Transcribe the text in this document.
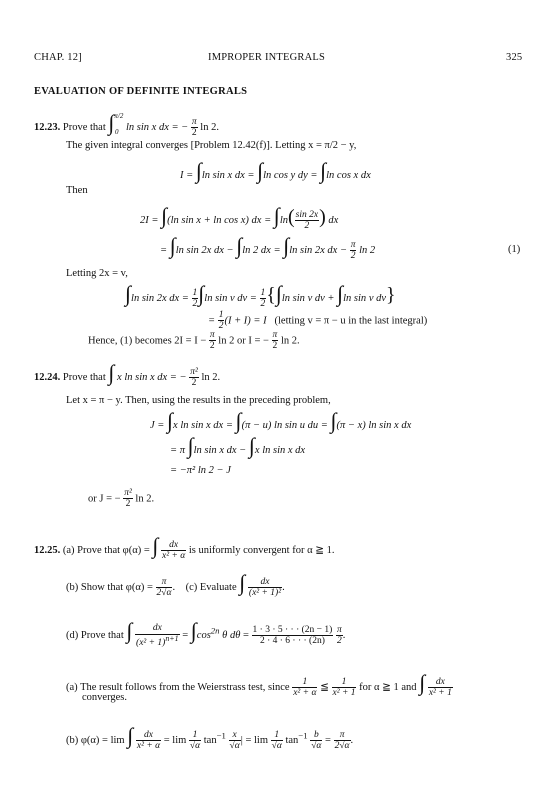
CHAP. 12]	IMPROPER INTEGRALS	325
EVALUATION OF DEFINITE INTEGRALS
12.23. Prove that ∫$^{\pi/2}$ ln sin x dx = − $\frac{\pi}{2}$ ln 2.
0
The given integral converges [Problem 12.42(f)]. Letting x = π/2 − y,
I = ∫ln sin x dx = ∫ln cos y dy = ∫ln cos x dx
Then
2I = ∫(ln sin x + ln cos x) dx = $\int\ln( \frac{\sin 2x}{2}$ ) dx
= ∫ln sin 2x dx − ∫ln 2 dx = ∫ln sin 2x dx − $\frac{\pi}{2}$ ln 2	(1)
Letting 2x = v,
∫ln sin 2x dx = $\frac{1}{2} \int\ln$ sin v dv = $\frac{1}{2} \{\int\ln$ sin v dv + ∫ln sin v dv}
= $\frac{1}{2} (I + I) = I$ (letting v = π − u in the last integral)
Hence, (1) becomes $2I = I - \frac{\pi}{2}$ ln 2 or I = − $\frac{\pi}{2}$ ln 2.
12.24. Prove that ∫ x ln sin x dx = − $\frac{\text{π²}}{2}$ ln 2.
Let x = π − y. Then, using the results in the preceding problem,
J = ∫x ln sin x dx = ∫(π − u) ln sin u du = ∫(π − x) ln sin x dx
= π ∫ln sin x dx − ∫x ln sin x dx
= −π² ln 2 − J
or J = − $\frac{\text{π²}}{2}$ ln 2.
12.25. (a) Prove that φ(α) = ∫ $\frac{dx}{\text{x² + α}}$ is uniformly convergent for α ≧ 1.
(b) Show that $\varphi(\alpha) = \frac{\pi}{2√\alpha}$ .    (c) Evaluate ∫ $\frac{dx}{\text{(x² + 1)²}}$ .
(d) Prove that ∫ $\frac{dx}{(x^2 + 1)^{n+1}} = \int\cos^{2n}$ θ $d\theta = \frac{1 \cdot 3 \cdot 5 \cdot \cdot \cdot (2n - 1)}{2 \cdot 4 \cdot 6 \cdot \cdot \cdot (2n)}$
$\frac{\pi}{2}$ .
(a) The result follows from the Weierstrass test, since $\frac{1}{\text{x² + α}}$ ≦ $\frac{1}{\text{x² + 1}}$ for α ≧ 1 and ∫ $\frac{dx}{\text{x² + 1}}$
converges.
(b) φ(α) = lim ∫ $\frac{dx}{\text{x² + α}} = \lim \frac{1}{√\alpha} \tan^{-1} \frac{x}{√\alpha}$ | = $\lim \frac{1}{√\alpha} \tan^{-1} \frac{b}{√\alpha} = \frac{\pi}{2√\alpha}$ .
